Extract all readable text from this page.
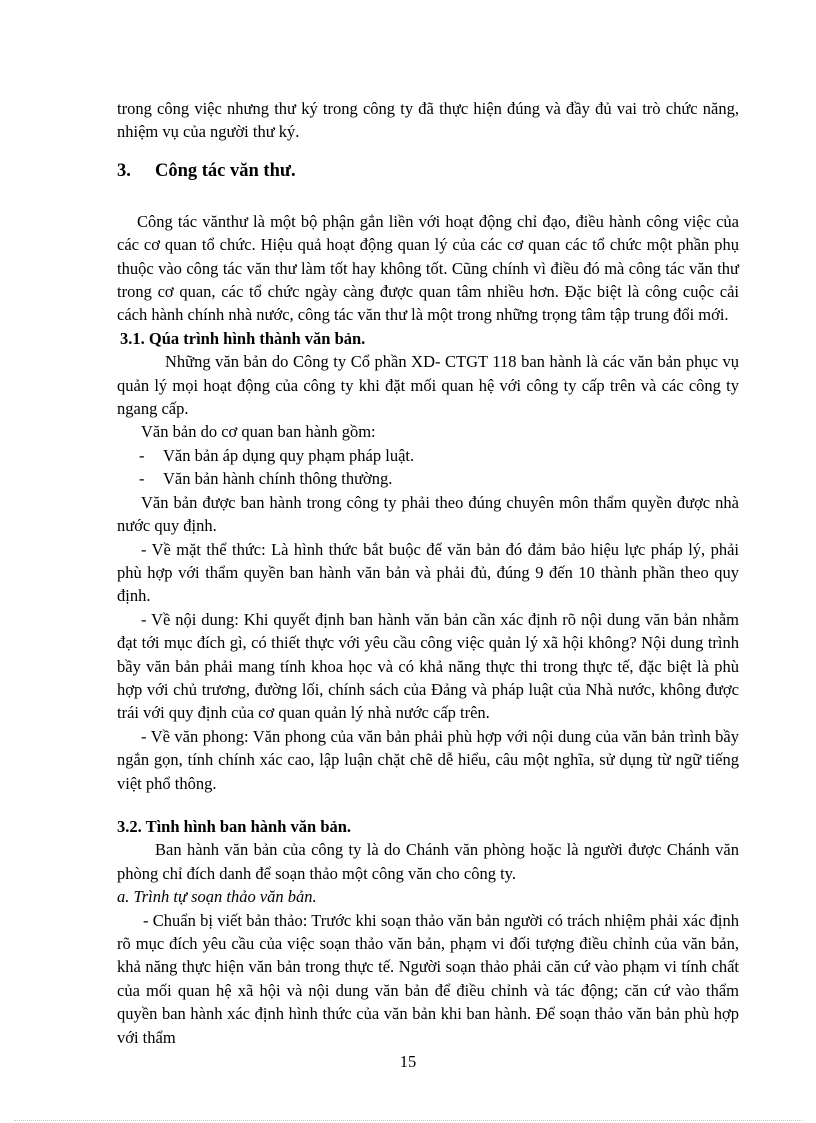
trong công việc nhưng thư ký trong công ty đã thực hiện đúng và đầy đủ vai trò chức năng, nhiệm vụ của người thư ký.

3. Công tác văn thư.

Công tác vănthư là một bộ phận gắn liền với hoạt động chỉ đạo, điều hành công việc của các cơ quan tổ chức. Hiệu quả hoạt động quan lý của các cơ quan các tổ chức một phần phụ thuộc vào công tác văn thư làm tốt hay không tốt. Cũng chính vì điều đó mà công tác văn thư trong cơ quan, các tổ chức ngày càng được quan tâm nhiều hơn. Đặc biệt là công cuộc cải cách hành chính nhà nước, công tác văn thư là một trong những trọng tâm tập trung đổi mới.

3.1. Qúa trình hình thành văn bản.

Những văn bản do Công ty Cổ phần XD- CTGT 118 ban hành là các văn bản phục vụ quản lý mọi hoạt động của công ty khi đặt mối quan hệ với công ty cấp trên và các công ty ngang cấp.

Văn bản do cơ quan ban hành gồm:

- Văn bản áp dụng quy phạm pháp luật.

- Văn bản hành chính thông thường.

Văn bản được ban hành trong công ty phải theo đúng chuyên môn thẩm quyền được nhà nước quy định.

- Về mặt thể thức: Là hình thức bắt buộc để văn bản đó đảm bảo hiệu lực pháp lý, phải phù hợp với thẩm quyền ban hành văn bản và phải đủ, đúng 9 đến 10 thành phần theo quy định.

- Về nội dung: Khi quyết định ban hành văn bản cần xác định rõ nội dung văn bản nhằm đạt tới mục đích gì, có thiết thực với yêu cầu công việc quản lý xã hội không? Nội dung trình bầy văn bản phải mang tính khoa học và có khả năng thực thi trong thực tế, đặc biệt là phù hợp với chủ trương, đường lối, chính sách của Đảng và pháp luật của Nhà nước, không được trái với quy định của cơ quan quản lý nhà nước cấp trên.

- Về văn phong: Văn phong của văn bản phải phù hợp với nội dung của văn bản trình bầy ngắn gọn, tính chính xác cao, lập luận chặt chẽ dễ hiểu, câu một nghĩa, sử dụng từ ngữ tiếng việt phổ thông.

3.2. Tình hình ban hành văn bản.

Ban hành văn bản của công ty là do Chánh văn phòng hoặc là người được Chánh văn phòng chỉ đích danh để soạn thảo một công văn cho công ty.

a. Trình tự soạn thảo văn bản.

- Chuẩn bị viết bản thảo: Trước khi soạn thảo văn bản người có trách nhiệm phải xác định rõ mục đích yêu cầu của việc soạn thảo văn bản, phạm vi đối tượng điều chỉnh của văn bản, khả năng thực hiện văn bản trong thực tế. Người soạn thảo phải căn cứ vào phạm vi tính chất của mối quan hệ xã hội và nội dung văn bản để điều chỉnh và tác động; căn cứ vào thẩm quyền ban hành xác định hình thức của văn bản khi ban hành. Để soạn thảo văn bản phù hợp với thẩm

15
